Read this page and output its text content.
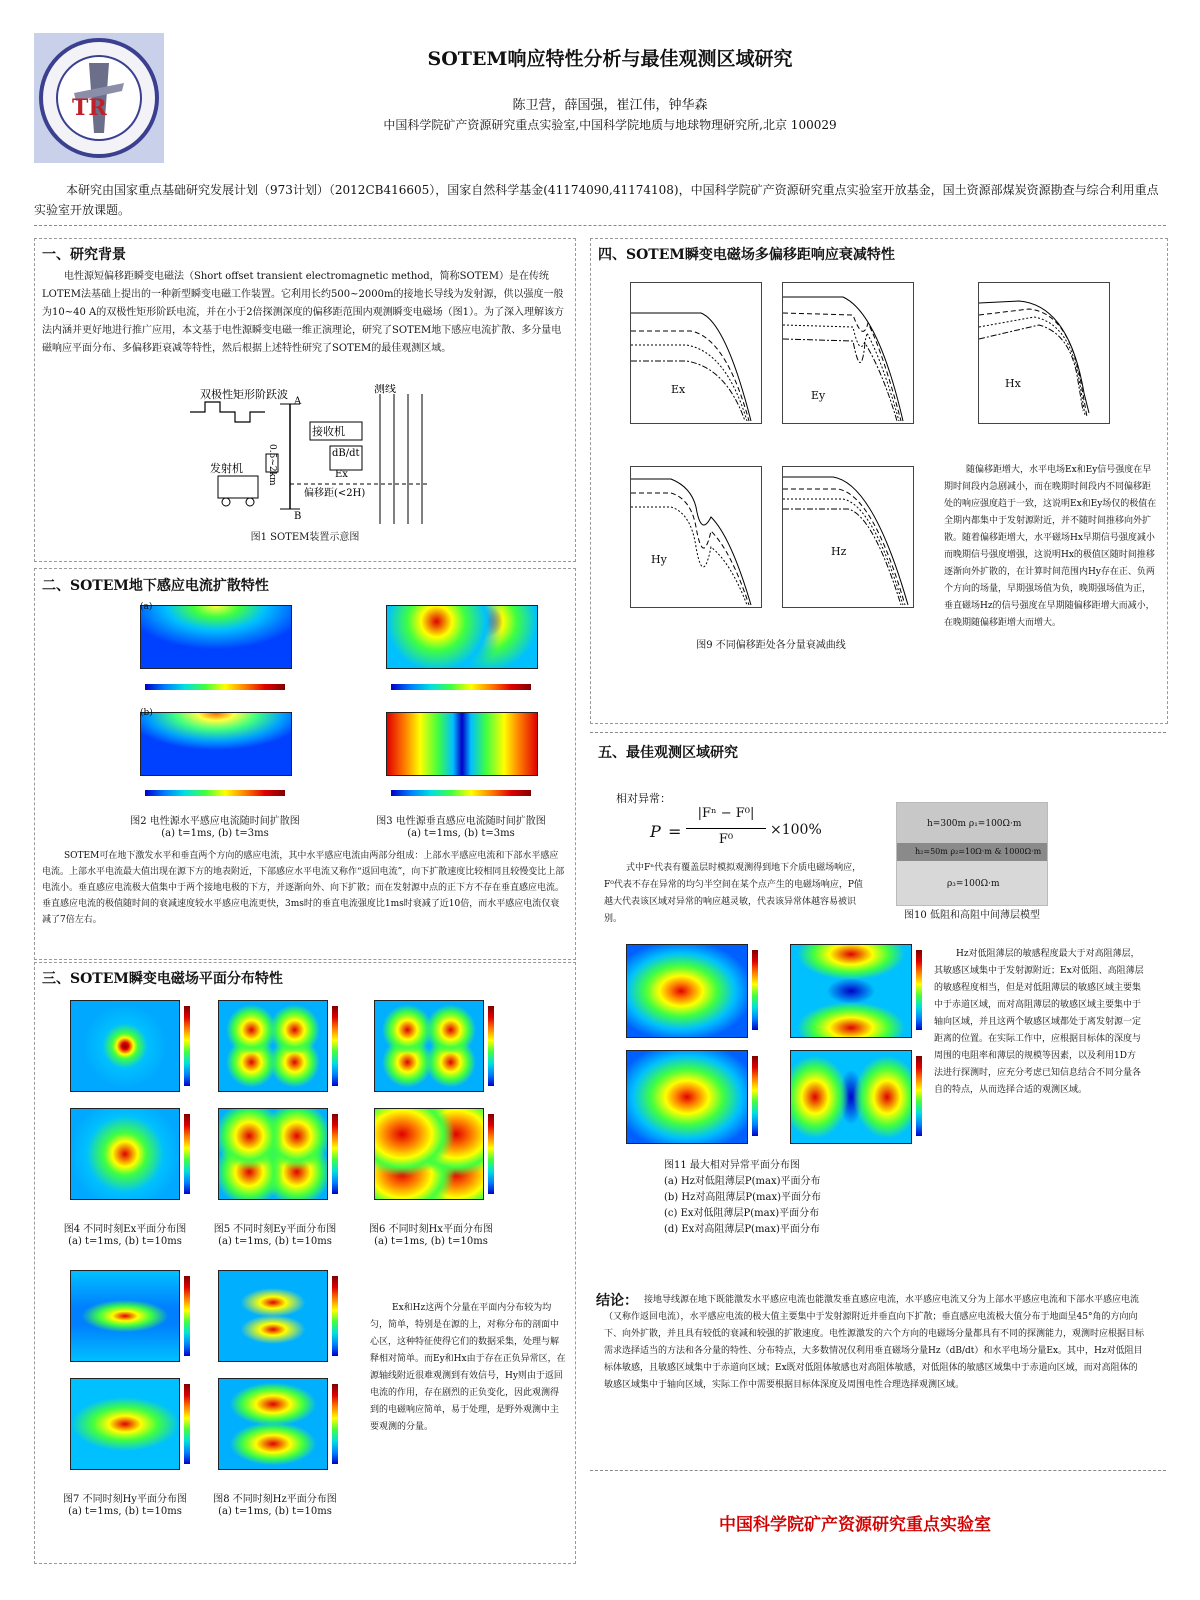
TR
SOTEM响应特性分析与最佳观测区域研究
陈卫营，薛国强，崔江伟，钟华森
中国科学院矿产资源研究重点实验室,中国科学院地质与地球物理研究所,北京 100029
本研究由国家重点基础研究发展计划（973计划）（2012CB416605），国家自然科学基金(41174090,41174108)，中国科学院矿产资源研究重点实验室开放基金，国土资源部煤炭资源勘查与综合利用重点实验室开放课题。
一、研究背景
电性源短偏移距瞬变电磁法（Short offset transient electromagnetic method，简称SOTEM）是在传统LOTEM法基础上提出的一种新型瞬变电磁工作装置。它利用长约500~2000m的接地长导线为发射源，供以强度一般为10~40 A的双极性矩形阶跃电流，并在小于2倍探测深度的偏移距范围内观测瞬变电磁场（图1）。为了深入理解该方法内涵并更好地进行推广应用，本文基于电性源瞬变电磁一维正演理论，研究了SOTEM地下感应电流扩散、多分量电磁响应平面分布、多偏移距衰减等特性，然后根据上述特性研究了SOTEM的最佳观测区域。
双极性矩形阶跃波	测线
接收机
发射机
dB/dt
Ex
偏移距(<2H)
A
B
0.5~2km
图1 SOTEM装置示意图
二、SOTEM地下感应电流扩散特性
(a)
(b)
图2 电性源水平感应电流随时间扩散图
(a) t=1ms, (b) t=3ms
图3 电性源垂直感应电流随时间扩散图
(a) t=1ms, (b) t=3ms
SOTEM可在地下激发水平和垂直两个方向的感应电流，其中水平感应电流由两部分组成：上部水平感应电流和下部水平感应电流。上部水平电流最大值出现在源下方的地表附近，下部感应水平电流又称作“返回电流”，向下扩散速度比较相同且较慢变比上部电流小。垂直感应电流极大值集中于两个接地电极的下方，并逐渐向外、向下扩散；而在发射源中点的正下方不存在垂直感应电流。垂直感应电流的极值随时间的衰减速度较水平感应电流更快，3ms时的垂直电流强度比1ms时衰减了近10倍，而水平感应电流仅衰减了7倍左右。
三、SOTEM瞬变电磁场平面分布特性
图4 不同时刻Ex平面分布图
(a) t=1ms, (b) t=10ms
图5 不同时刻Ey平面分布图
(a) t=1ms, (b) t=10ms
图6 不同时刻Hx平面分布图
(a) t=1ms, (b) t=10ms
图7 不同时刻Hy平面分布图
(a) t=1ms, (b) t=10ms
图8 不同时刻Hz平面分布图
(a) t=1ms, (b) t=10ms
Ex和Hz这两个分量在平面内分布较为均匀，简单，特别是在源的上，对称分布的剖面中心区，这种特征使得它们的数据采集，处理与解释相对简单。而Ey和Hx由于存在正负异常区，在源轴线附近很难观测到有效信号，Hy则由于返回电流的作用，存在剧烈的正负变化，因此观测得到的电磁响应简单，易于处理，是野外观测中主要观测的分量。
四、SOTEM瞬变电磁场多偏移距响应衰减特性
Ex	Ey
Hx
Hy
Hz
图9 不同偏移距处各分量衰减曲线
随偏移距增大，水平电场Ex和Ey信号强度在早期时间段内急剧减小，而在晚期时间段内不同偏移距处的响应强度趋于一致，这说明Ex和Ey场仅的极值在全期内都集中于发射源附近，并不随时间推移向外扩散。随着偏移距增大，水平磁场Hx早期信号强度减小而晚期信号强度增强，这说明Hx的极值区随时间推移逐渐向外扩散的，在计算时间范围内Hy存在正、负两个方向的场量，早期强场值为负，晚期强场值为正，垂直磁场Hz的信号强度在早期随偏移距增大而减小，在晚期随偏移距增大而增大。
五、最佳观测区域研究
相对异常：
P =
|Fⁿ − F⁰|
F⁰
×100%
式中Fⁿ代表有覆盖层时模拟观测得到地下介质电磁场响应，F⁰代表不存在异常的均匀半空间在某个点产生的电磁场响应，P值越大代表该区域对异常的响应越灵敏，代表该异常体越容易被识别。
h=300m ρ₁=100Ω·m
h₂=50m ρ₂=10Ω·m & 1000Ω·m
ρ₃=100Ω·m
图10 低阻和高阻中间薄层模型
图11 最大相对异常平面分布图
(a) Hz对低阻薄层P(max)平面分布
(b) Hz对高阻薄层P(max)平面分布
(c) Ex对低阻薄层P(max)平面分布
(d) Ex对高阻薄层P(max)平面分布
Hz对低阻薄层的敏感程度最大于对高阻薄层，其敏感区域集中于发射源附近；Ex对低阻、高阻薄层的敏感程度相当，但是对低阻薄层的敏感区域主要集中于赤道区域，而对高阻薄层的敏感区域主要集中于轴向区域，并且这两个敏感区域都处于离发射源一定距离的位置。在实际工作中，应根据目标体的深度与周围的电阻率和薄层的规模等因素，以及利用1D方法进行探测时，应充分考虑已知信息结合不同分量各自的特点，从而选择合适的观测区域。
结论： 接地导线源在地下既能激发水平感应电流也能激发垂直感应电流，水平感应电流又分为上部水平感应电流和下部水平感应电流（又称作返回电流），水平感应电流的极大值主要集中于发射源附近并垂直向下扩散；垂直感应电流极大值分布于地面呈45°角的方向向下、向外扩散，并且具有较低的衰减和较强的扩散速度。电性源激发的六个方向的电磁场分量都具有不同的探测能力，观测时应根据目标需求选择适当的方法和各分量的特性、分布特点，大多数情况仅利用垂直磁场分量Hz（dB/dt）和水平电场分量Ex。其中，Hz对低阻目标体敏感，且敏感区域集中于赤道向区域；Ex既对低阻体敏感也对高阻体敏感，对低阻体的敏感区域集中于赤道向区域，而对高阻体的敏感区域集中于轴向区域，实际工作中需要根据目标体深度及周围电性合理选择观测区域。
中国科学院矿产资源研究重点实验室
